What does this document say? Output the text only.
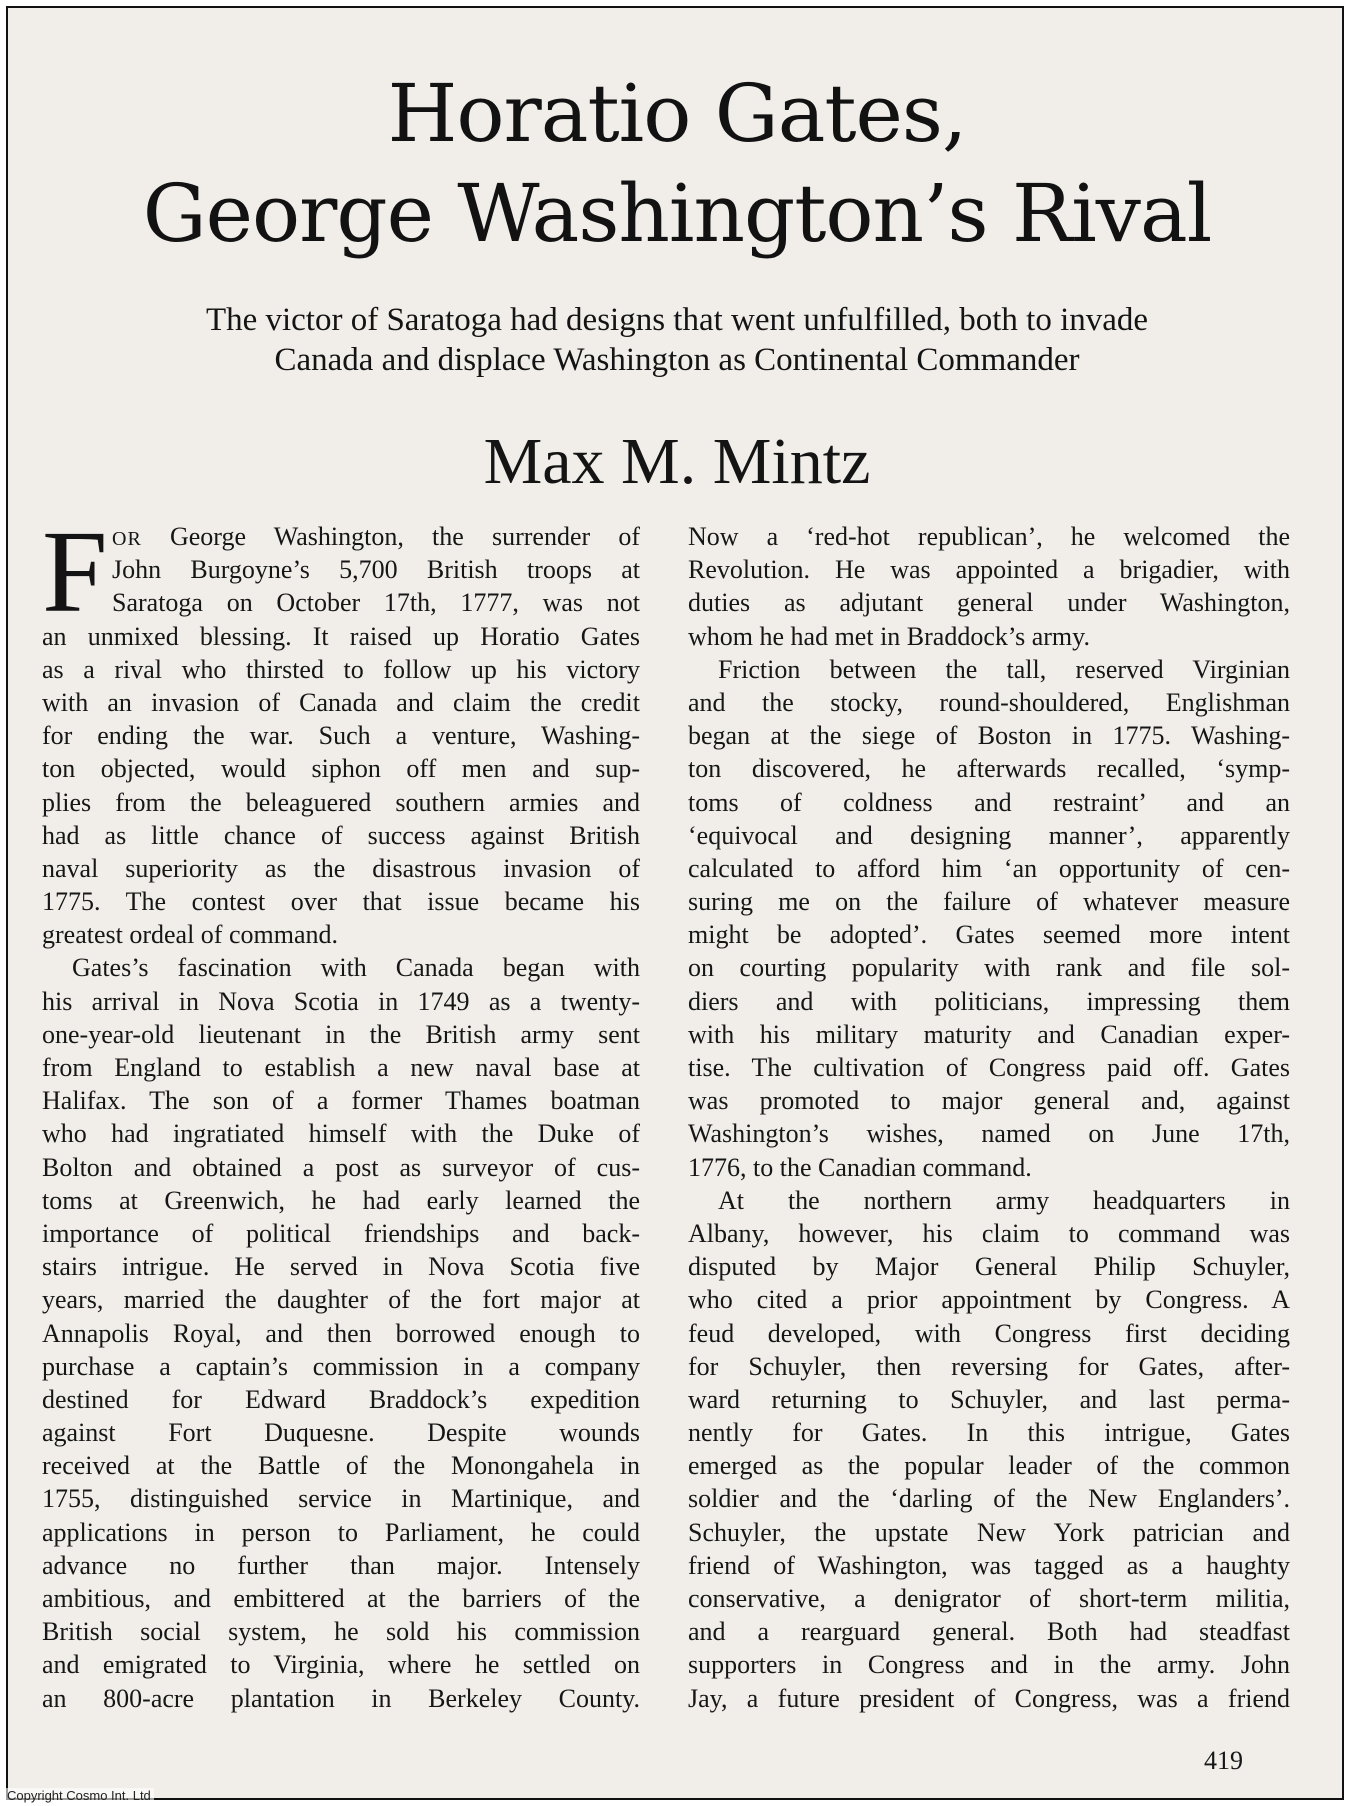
Horatio Gates,
George Washington’s Rival
The victor of Saratoga had designs that went unfulfilled, both to invade
Canada and displace Washington as Continental Commander
Max M. Mintz
F OR George Washington, the surrender of
John Burgoyne’s 5,700 British troops at
Saratoga on October 17th, 1777, was not
an unmixed blessing. It raised up Horatio Gates
as a rival who thirsted to follow up his victory
with an invasion of Canada and claim the credit
for ending the war. Such a venture, Washing-
ton objected, would siphon off men and sup-
plies from the beleaguered southern armies and
had as little chance of success against British
naval superiority as the disastrous invasion of
1775. The contest over that issue became his
greatest ordeal of command.
Gates’s fascination with Canada began with
his arrival in Nova Scotia in 1749 as a twenty-
one-year-old lieutenant in the British army sent
from England to establish a new naval base at
Halifax. The son of a former Thames boatman
who had ingratiated himself with the Duke of
Bolton and obtained a post as surveyor of cus-
toms at Greenwich, he had early learned the
importance of political friendships and back-
stairs intrigue. He served in Nova Scotia five
years, married the daughter of the fort major at
Annapolis Royal, and then borrowed enough to
purchase a captain’s commission in a company
destined for Edward Braddock’s expedition
against Fort Duquesne. Despite wounds
received at the Battle of the Monongahela in
1755, distinguished service in Martinique, and
applications in person to Parliament, he could
advance no further than major. Intensely
ambitious, and embittered at the barriers of the
British social system, he sold his commission
and emigrated to Virginia, where he settled on
an 800-acre plantation in Berkeley County.
Now a ‘red-hot republican’, he welcomed the
Revolution. He was appointed a brigadier, with
duties as adjutant general under Washington,
whom he had met in Braddock’s army.
Friction between the tall, reserved Virginian
and the stocky, round-shouldered, Englishman
began at the siege of Boston in 1775. Washing-
ton discovered, he afterwards recalled, ‘symp-
toms of coldness and restraint’ and an
‘equivocal and designing manner’, apparently
calculated to afford him ‘an opportunity of cen-
suring me on the failure of whatever measure
might be adopted’. Gates seemed more intent
on courting popularity with rank and file sol-
diers and with politicians, impressing them
with his military maturity and Canadian exper-
tise. The cultivation of Congress paid off. Gates
was promoted to major general and, against
Washington’s wishes, named on June 17th,
1776, to the Canadian command.
At the northern army headquarters in
Albany, however, his claim to command was
disputed by Major General Philip Schuyler,
who cited a prior appointment by Congress. A
feud developed, with Congress first deciding
for Schuyler, then reversing for Gates, after-
ward returning to Schuyler, and last perma-
nently for Gates. In this intrigue, Gates
emerged as the popular leader of the common
soldier and the ‘darling of the New Englanders’.
Schuyler, the upstate New York patrician and
friend of Washington, was tagged as a haughty
conservative, a denigrator of short-term militia,
and a rearguard general. Both had steadfast
supporters in Congress and in the army. John
Jay, a future president of Congress, was a friend
419
Copyright Cosmo Int. Ltd
